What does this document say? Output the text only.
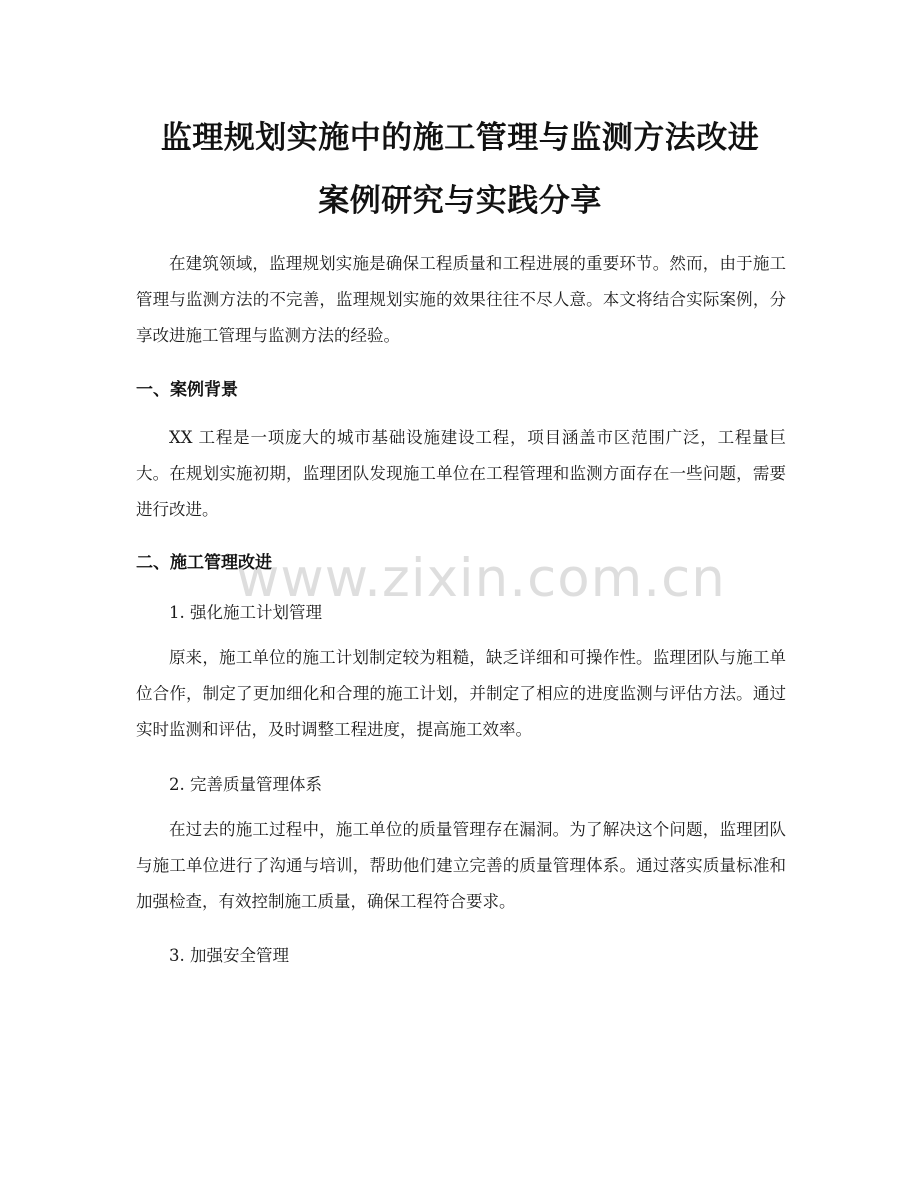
监理规划实施中的施工管理与监测方法改进
案例研究与实践分享

在建筑领域，监理规划实施是确保工程质量和工程进展的重要环节。然而，由于施工管理与监测方法的不完善，监理规划实施的效果往往不尽人意。本文将结合实际案例，分享改进施工管理与监测方法的经验。

一、案例背景

XX 工程是一项庞大的城市基础设施建设工程，项目涵盖市区范围广泛，工程量巨大。在规划实施初期，监理团队发现施工单位在工程管理和监测方面存在一些问题，需要进行改进。

二、施工管理改进

1. 强化施工计划管理

原来，施工单位的施工计划制定较为粗糙，缺乏详细和可操作性。监理团队与施工单位合作，制定了更加细化和合理的施工计划，并制定了相应的进度监测与评估方法。通过实时监测和评估，及时调整工程进度，提高施工效率。

2. 完善质量管理体系

在过去的施工过程中，施工单位的质量管理存在漏洞。为了解决这个问题，监理团队与施工单位进行了沟通与培训，帮助他们建立完善的质量管理体系。通过落实质量标准和加强检查，有效控制施工质量，确保工程符合要求。

3. 加强安全管理

www.zixin.com.cn
